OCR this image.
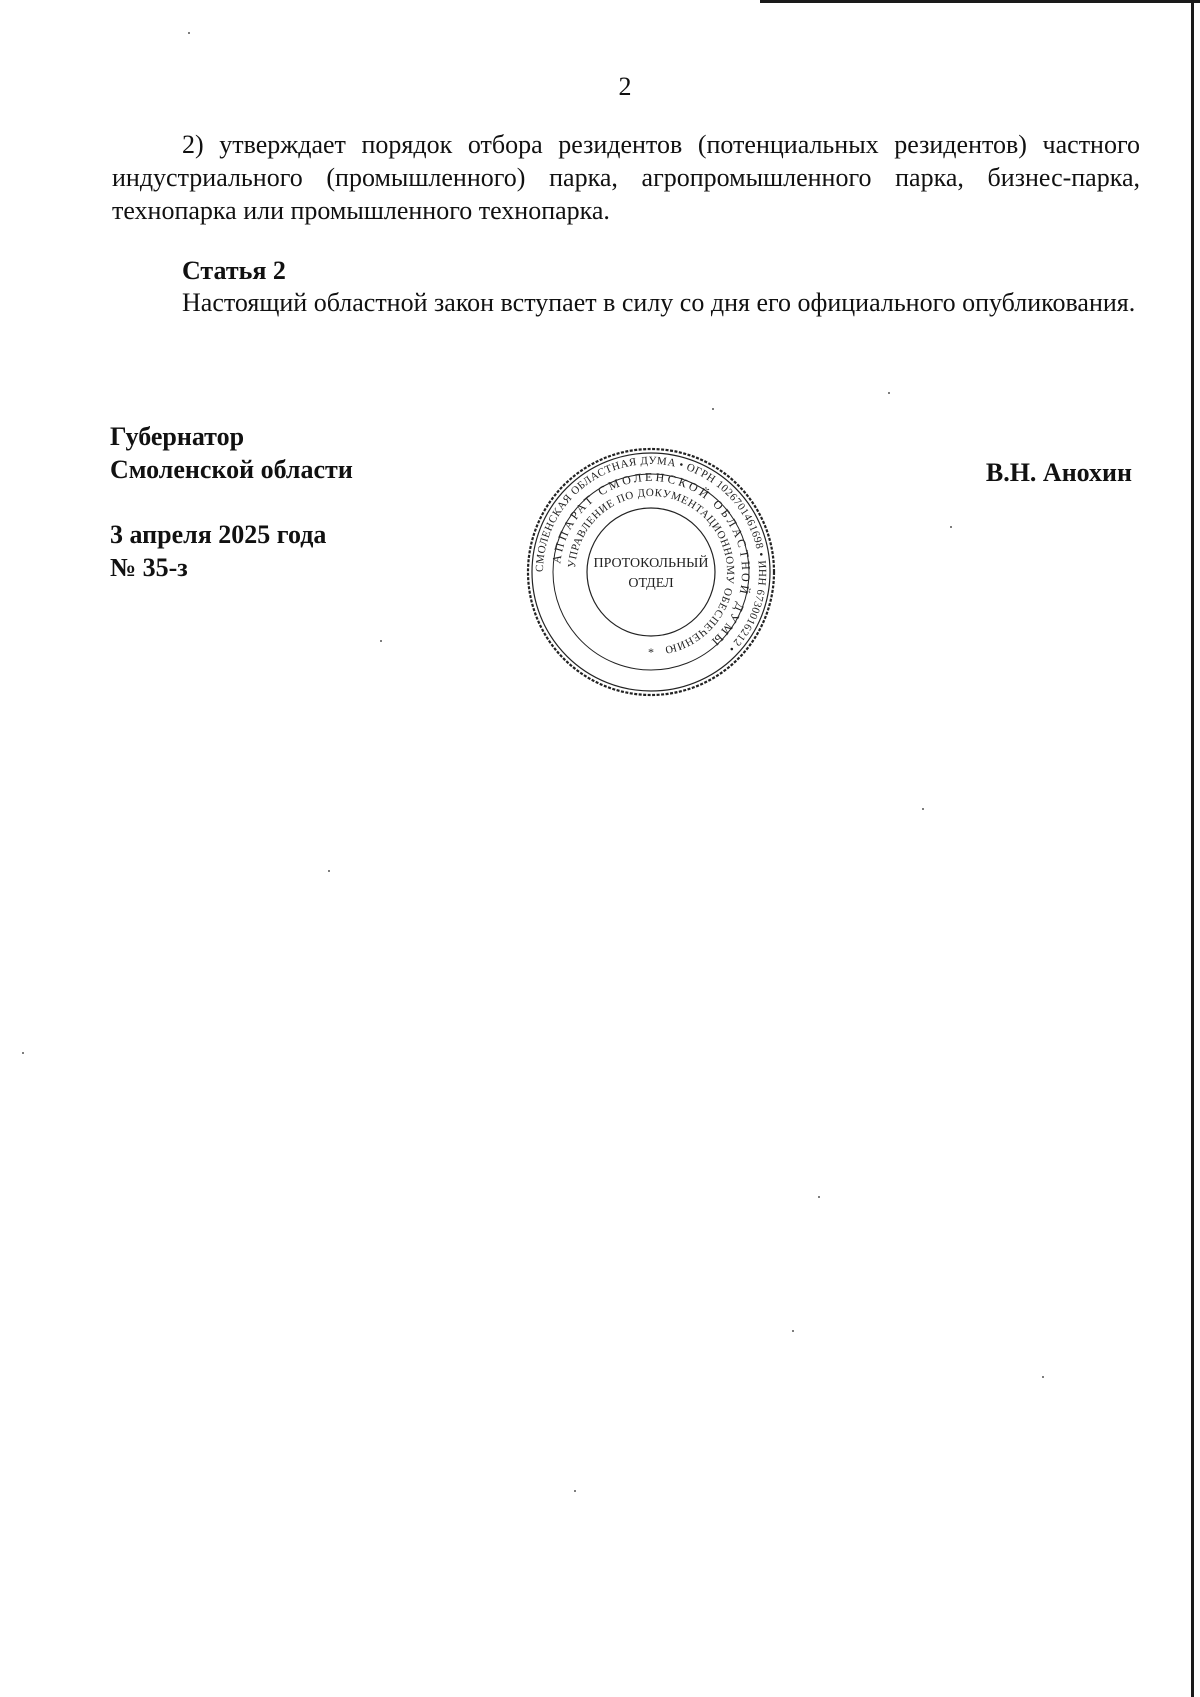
2

2) утверждает порядок отбора резидентов (потенциальных резидентов) частного индустриального (промышленного) парка, агропромышленного парка, бизнес-парка, технопарка или промышленного технопарка.

Статья 2

Настоящий областной закон вступает в силу со дня его официального опубликования.

Губернатор
Смоленской области	В.Н. Анохин
3 апреля 2025 года
№ 35-з	СМОЛЕНСКАЯ ОБЛАСТНАЯ ДУМА • ОГРН 1026701461698 • ИНН 6730016212 •
АППАРАТ СМОЛЕНСКОЙ ОБЛАСТНОЙ ДУМЫ
УПРАВЛЕНИЕ ПО ДОКУМЕНТАЦИОННОМУ ОБЕСПЕЧЕНИЮ
ПРОТОКОЛЬНЫЙ
ОТДЕЛ
*
